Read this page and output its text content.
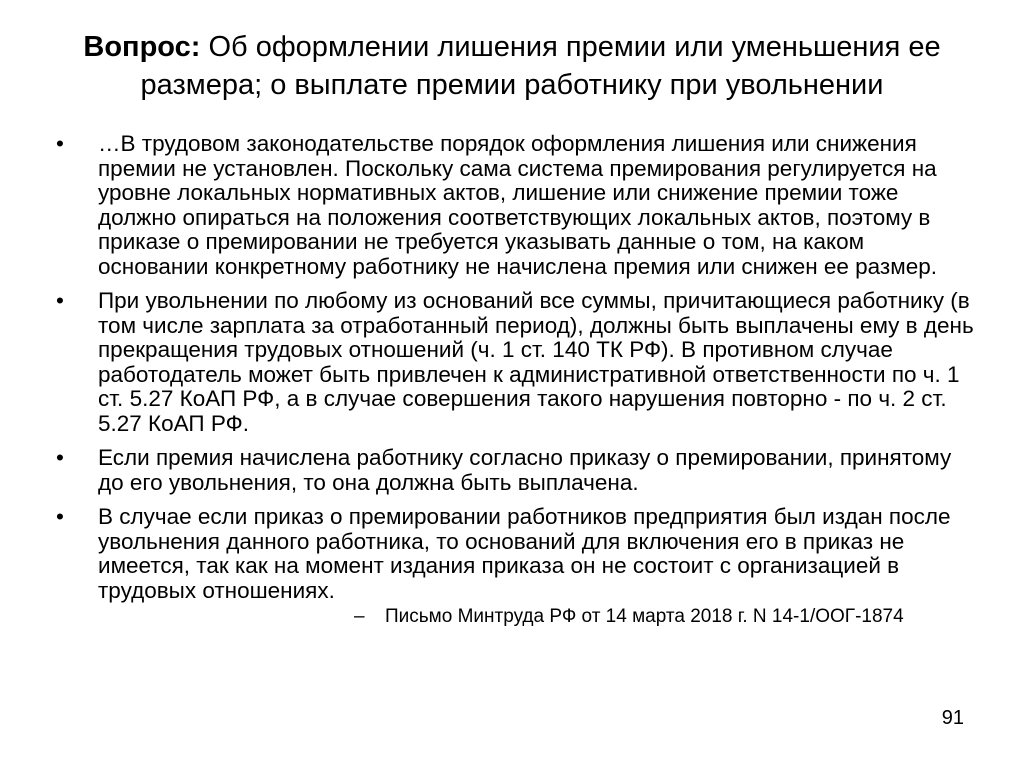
Вопрос: Об оформлении лишения премии или уменьшения ее размера; о выплате премии работнику при увольнении
•	…В трудовом законодательстве порядок оформления лишения или снижения премии не установлен. Поскольку сама система премирования регулируется на уровне локальных нормативных актов, лишение или снижение премии тоже должно опираться на положения соответствующих локальных актов, поэтому в приказе о премировании не требуется указывать данные о том, на каком основании конкретному работнику не начислена премия или снижен ее размер.
•	При увольнении по любому из оснований все суммы, причитающиеся работнику (в том числе зарплата за отработанный период), должны быть выплачены ему в день прекращения трудовых отношений (ч. 1 ст. 140 ТК РФ). В противном случае работодатель может быть привлечен к административной ответственности по ч. 1 ст. 5.27 КоАП РФ, а в случае совершения такого нарушения повторно - по ч. 2 ст. 5.27 КоАП РФ.
•	Если премия начислена работнику согласно приказу о премировании, принятому до его увольнения, то она должна быть выплачена.
•	В случае если приказ о премировании работников предприятия был издан после увольнения данного работника, то оснований для включения его в приказ не имеется, так как на момент издания приказа он не состоит с организацией в трудовых отношениях.
– Письмо Минтруда РФ от 14 марта 2018 г. N 14-1/ООГ-1874
91
